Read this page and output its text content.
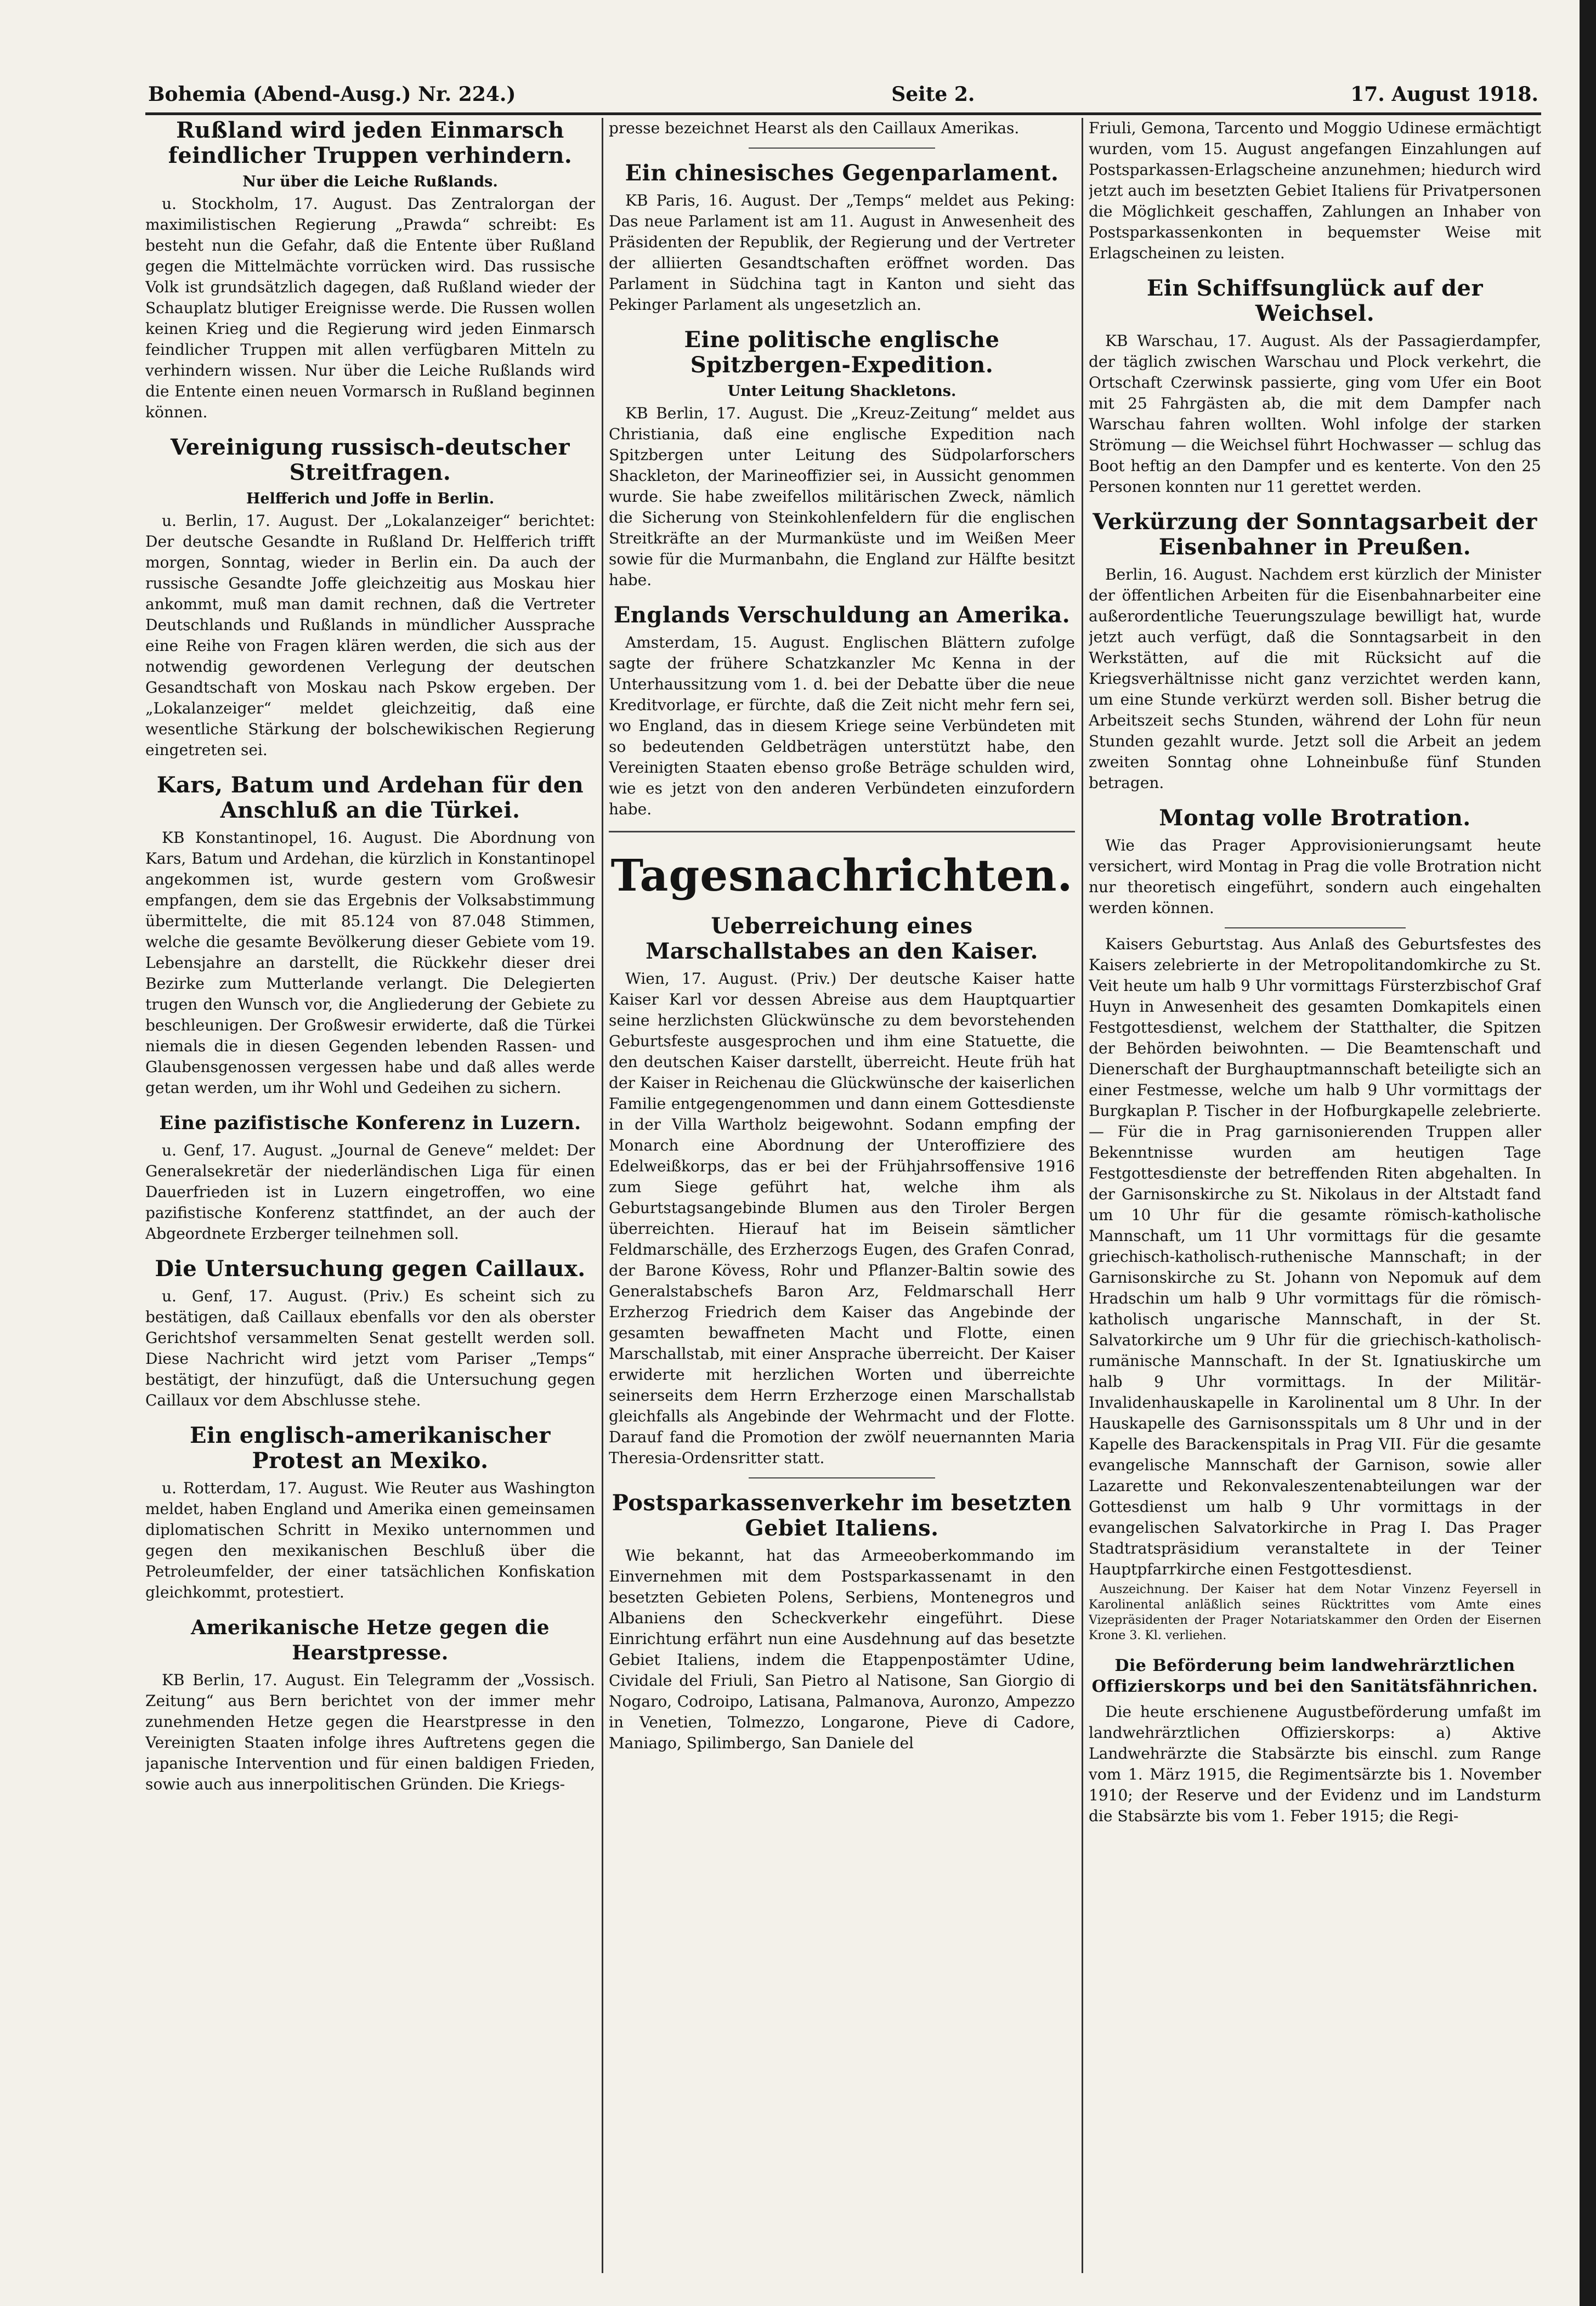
Bohemia (Abend-Ausg.) Nr. 224.)	Seite 2.	17. August 1918.
Rußland wird jeden Einmarsch feindlicher Truppen verhindern.
Nur über die Leiche Rußlands.

u. Stockholm, 17. August. Das Zentralorgan der maximilistischen Regierung „Prawda“ schreibt: Es besteht nun die Gefahr, daß die Entente über Rußland gegen die Mittelmächte vorrücken wird. Das russische Volk ist grundsätzlich dagegen, daß Rußland wieder der Schauplatz blutiger Ereignisse werde. Die Russen wollen keinen Krieg und die Regierung wird jeden Einmarsch feindlicher Truppen mit allen verfügbaren Mitteln zu verhindern wissen. Nur über die Leiche Rußlands wird die Entente einen neuen Vormarsch in Rußland beginnen können.

Vereinigung russisch-deutscher Streitfragen.
Helfferich und Joffe in Berlin.

u. Berlin, 17. August. Der „Lokalanzeiger“ berichtet: Der deutsche Gesandte in Rußland Dr. Helfferich trifft morgen, Sonntag, wieder in Berlin ein. Da auch der russische Gesandte Joffe gleichzeitig aus Moskau hier ankommt, muß man damit rechnen, daß die Vertreter Deutschlands und Rußlands in mündlicher Aussprache eine Reihe von Fragen klären werden, die sich aus der notwendig gewordenen Verlegung der deutschen Gesandtschaft von Moskau nach Pskow ergeben. Der „Lokalanzeiger“ meldet gleichzeitig, daß eine wesentliche Stärkung der bolschewikischen Regierung eingetreten sei.

Kars, Batum und Ardehan für den Anschluß an die Türkei.

KB Konstantinopel, 16. August. Die Abordnung von Kars, Batum und Ardehan, die kürzlich in Konstantinopel angekommen ist, wurde gestern vom Großwesir empfangen, dem sie das Ergebnis der Volksabstimmung übermittelte, die mit 85.124 von 87.048 Stimmen, welche die gesamte Bevölkerung dieser Gebiete vom 19. Lebensjahre an darstellt, die Rückkehr dieser drei Bezirke zum Mutterlande verlangt. Die Delegierten trugen den Wunsch vor, die Angliederung der Gebiete zu beschleunigen. Der Großwesir erwiderte, daß die Türkei niemals die in diesen Gegenden lebenden Rassen- und Glaubensgenossen vergessen habe und daß alles werde getan werden, um ihr Wohl und Gedeihen zu sichern.

Eine pazifistische Konferenz in Luzern.

u. Genf, 17. August. „Journal de Geneve“ meldet: Der Generalsekretär der niederländischen Liga für einen Dauerfrieden ist in Luzern eingetroffen, wo eine pazifistische Konferenz stattfindet, an der auch der Abgeordnete Erzberger teilnehmen soll.

Die Untersuchung gegen Caillaux.

u. Genf, 17. August. (Priv.) Es scheint sich zu bestätigen, daß Caillaux ebenfalls vor den als oberster Gerichtshof versammelten Senat gestellt werden soll. Diese Nachricht wird jetzt vom Pariser „Temps“ bestätigt, der hinzufügt, daß die Untersuchung gegen Caillaux vor dem Abschlusse stehe.

Ein englisch-amerikanischer Protest an Mexiko.

u. Rotterdam, 17. August. Wie Reuter aus Washington meldet, haben England und Amerika einen gemeinsamen diplomatischen Schritt in Mexiko unternommen und gegen den mexikanischen Beschluß über die Petroleumfelder, der einer tatsächlichen Konfiskation gleichkommt, protestiert.

Amerikanische Hetze gegen die Hearstpresse.

KB Berlin, 17. August. Ein Telegramm der „Vossisch. Zeitung“ aus Bern berichtet von der immer mehr zunehmenden Hetze gegen die Hearstpresse in den Vereinigten Staaten infolge ihres Auftretens gegen die japanische Intervention und für einen baldigen Frieden, sowie auch aus innerpolitischen Gründen. Die Kriegs-

presse bezeichnet Hearst als den Caillaux Amerikas.

Ein chinesisches Gegenparlament.

KB Paris, 16. August. Der „Temps“ meldet aus Peking: Das neue Parlament ist am 11. August in Anwesenheit des Präsidenten der Republik, der Regierung und der Vertreter der alliierten Gesandtschaften eröffnet worden. Das Parlament in Südchina tagt in Kanton und sieht das Pekinger Parlament als ungesetzlich an.

Eine politische englische Spitzbergen-Expedition.
Unter Leitung Shackletons.

KB Berlin, 17. August. Die „Kreuz-Zeitung“ meldet aus Christiania, daß eine englische Expedition nach Spitzbergen unter Leitung des Südpolarforschers Shackleton, der Marineoffizier sei, in Aussicht genommen wurde. Sie habe zweifellos militärischen Zweck, nämlich die Sicherung von Steinkohlenfeldern für die englischen Streitkräfte an der Murmanküste und im Weißen Meer sowie für die Murmanbahn, die England zur Hälfte besitzt habe.

Englands Verschuldung an Amerika.

Amsterdam, 15. August. Englischen Blättern zufolge sagte der frühere Schatzkanzler Mc Kenna in der Unterhaussitzung vom 1. d. bei der Debatte über die neue Kreditvorlage, er fürchte, daß die Zeit nicht mehr fern sei, wo England, das in diesem Kriege seine Verbündeten mit so bedeutenden Geldbeträgen unterstützt habe, den Vereinigten Staaten ebenso große Beträge schulden wird, wie es jetzt von den anderen Verbündeten einzufordern habe.

Tagesnachrichten.
Ueberreichung eines Marschallstabes an den Kaiser.

Wien, 17. August. (Priv.) Der deutsche Kaiser hatte Kaiser Karl vor dessen Abreise aus dem Hauptquartier seine herzlichsten Glückwünsche zu dem bevorstehenden Geburtsfeste ausgesprochen und ihm eine Statuette, die den deutschen Kaiser darstellt, überreicht. Heute früh hat der Kaiser in Reichenau die Glückwünsche der kaiserlichen Familie entgegengenommen und dann einem Gottesdienste in der Villa Wartholz beigewohnt. Sodann empfing der Monarch eine Abordnung der Unteroffiziere des Edelweißkorps, das er bei der Frühjahrsoffensive 1916 zum Siege geführt hat, welche ihm als Geburtstagsangebinde Blumen aus den Tiroler Bergen überreichten. Hierauf hat im Beisein sämtlicher Feldmarschälle, des Erzherzogs Eugen, des Grafen Conrad, der Barone Kövess, Rohr und Pflanzer-Baltin sowie des Generalstabschefs Baron Arz, Feldmarschall Herr Erzherzog Friedrich dem Kaiser das Angebinde der gesamten bewaffneten Macht und Flotte, einen Marschallstab, mit einer Ansprache überreicht. Der Kaiser erwiderte mit herzlichen Worten und überreichte seinerseits dem Herrn Erzherzoge einen Marschallstab gleichfalls als Angebinde der Wehrmacht und der Flotte. Darauf fand die Promotion der zwölf neuernannten Maria Theresia-Ordensritter statt.

Postsparkassenverkehr im besetzten Gebiet Italiens.

Wie bekannt, hat das Armeeoberkommando im Einvernehmen mit dem Postsparkassenamt in den besetzten Gebieten Polens, Serbiens, Montenegros und Albaniens den Scheckverkehr eingeführt. Diese Einrichtung erfährt nun eine Ausdehnung auf das besetzte Gebiet Italiens, indem die Etappenpostämter Udine, Cividale del Friuli, San Pietro al Natisone, San Giorgio di Nogaro, Codroipo, Latisana, Palmanova, Auronzo, Ampezzo in Venetien, Tolmezzo, Longarone, Pieve di Cadore, Maniago, Spilimbergo, San Daniele del

Friuli, Gemona, Tarcento und Moggio Udinese ermächtigt wurden, vom 15. August angefangen Einzahlungen auf Postsparkassen-Erlagscheine anzunehmen; hiedurch wird jetzt auch im besetzten Gebiet Italiens für Privatpersonen die Möglichkeit geschaffen, Zahlungen an Inhaber von Postsparkassenkonten in bequemster Weise mit Erlagscheinen zu leisten.

Ein Schiffsunglück auf der Weichsel.

KB Warschau, 17. August. Als der Passagierdampfer, der täglich zwischen Warschau und Plock verkehrt, die Ortschaft Czerwinsk passierte, ging vom Ufer ein Boot mit 25 Fahrgästen ab, die mit dem Dampfer nach Warschau fahren wollten. Wohl infolge der starken Strömung — die Weichsel führt Hochwasser — schlug das Boot heftig an den Dampfer und es kenterte. Von den 25 Personen konnten nur 11 gerettet werden.

Verkürzung der Sonntagsarbeit der Eisenbahner in Preußen.

Berlin, 16. August. Nachdem erst kürzlich der Minister der öffentlichen Arbeiten für die Eisenbahnarbeiter eine außerordentliche Teuerungszulage bewilligt hat, wurde jetzt auch verfügt, daß die Sonntagsarbeit in den Werkstätten, auf die mit Rücksicht auf die Kriegsverhältnisse nicht ganz verzichtet werden kann, um eine Stunde verkürzt werden soll. Bisher betrug die Arbeitszeit sechs Stunden, während der Lohn für neun Stunden gezahlt wurde. Jetzt soll die Arbeit an jedem zweiten Sonntag ohne Lohneinbuße fünf Stunden betragen.

Montag volle Brotration.

Wie das Prager Approvisionierungsamt heute versichert, wird Montag in Prag die volle Brotration nicht nur theoretisch eingeführt, sondern auch eingehalten werden können.

Kaisers Geburtstag. Aus Anlaß des Geburtsfestes des Kaisers zelebrierte in der Metropolitandomkirche zu St. Veit heute um halb 9 Uhr vormittags Fürsterzbischof Graf Huyn in Anwesenheit des gesamten Domkapitels einen Festgottesdienst, welchem der Statthalter, die Spitzen der Behörden beiwohnten. — Die Beamtenschaft und Dienerschaft der Burghauptmannschaft beteiligte sich an einer Festmesse, welche um halb 9 Uhr vormittags der Burgkaplan P. Tischer in der Hofburgkapelle zelebrierte. — Für die in Prag garnisonierenden Truppen aller Bekenntnisse wurden am heutigen Tage Festgottesdienste der betreffenden Riten abgehalten. In der Garnisonskirche zu St. Nikolaus in der Altstadt fand um 10 Uhr für die gesamte römisch-katholische Mannschaft, um 11 Uhr vormittags für die gesamte griechisch-katholisch-ruthenische Mannschaft; in der Garnisonskirche zu St. Johann von Nepomuk auf dem Hradschin um halb 9 Uhr vormittags für die römisch-katholisch ungarische Mannschaft, in der St. Salvatorkirche um 9 Uhr für die griechisch-katholisch-rumänische Mannschaft. In der St. Ignatiuskirche um halb 9 Uhr vormittags. In der Militär-Invalidenhauskapelle in Karolinental um 8 Uhr. In der Hauskapelle des Garnisonsspitals um 8 Uhr und in der Kapelle des Barackenspitals in Prag VII. Für die gesamte evangelische Mannschaft der Garnison, sowie aller Lazarette und Rekonvaleszentenabteilungen war der Gottesdienst um halb 9 Uhr vormittags in der evangelischen Salvatorkirche in Prag I. Das Prager Stadtratspräsidium veranstaltete in der Teiner Hauptpfarrkirche einen Festgottesdienst.

Auszeichnung. Der Kaiser hat dem Notar Vinzenz Feyersell in Karolinental anläßlich seines Rücktrittes vom Amte eines Vizepräsidenten der Prager Notariatskammer den Orden der Eisernen Krone 3. Kl. verliehen.

Die Beförderung beim landwehrärztlichen Offizierskorps und bei den Sanitätsfähnrichen.

Die heute erschienene Augustbeförderung umfaßt im landwehrärztlichen Offizierskorps: a) Aktive Landwehrärzte die Stabsärzte bis einschl. zum Range vom 1. März 1915, die Regimentsärzte bis 1. November 1910; der Reserve und der Evidenz und im Landsturm die Stabsärzte bis vom 1. Feber 1915; die Regi-
